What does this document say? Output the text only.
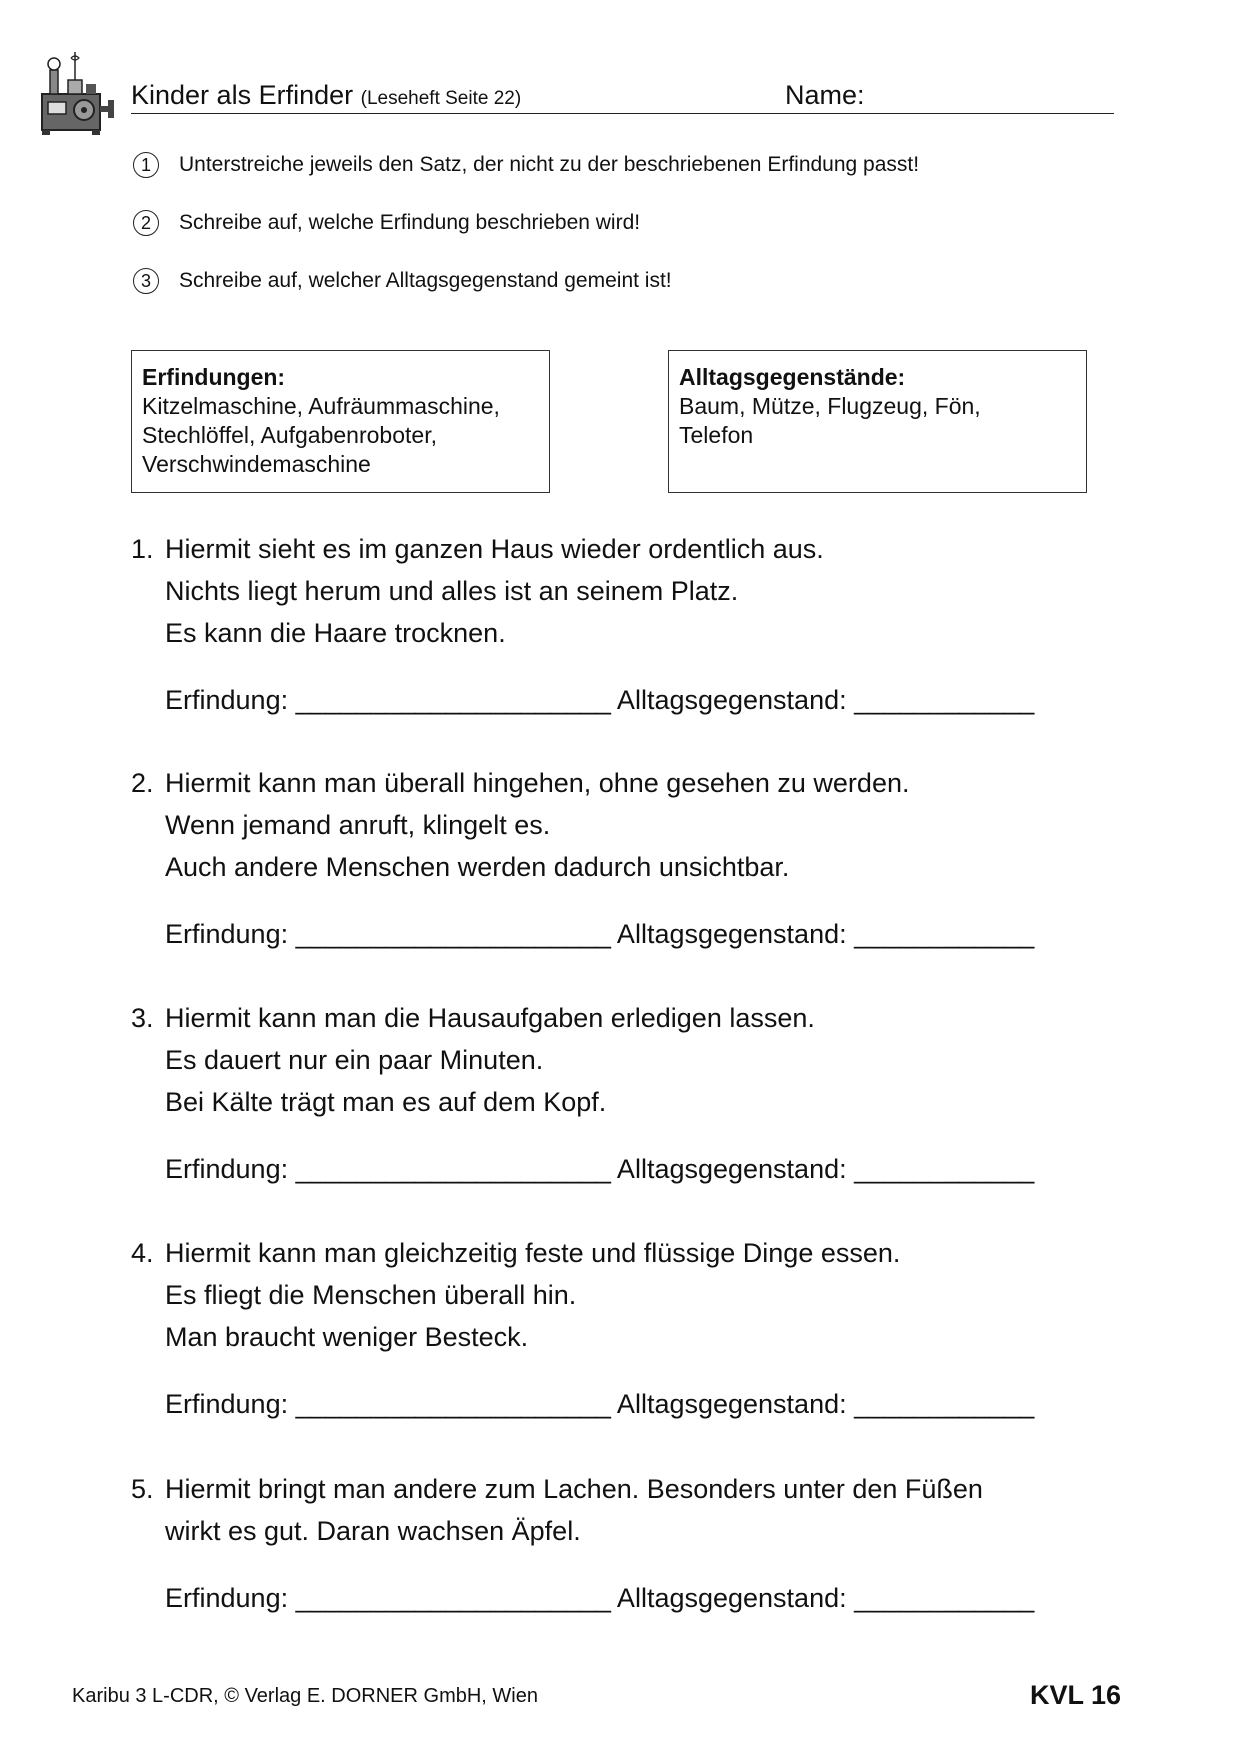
Kinder als Erfinder (Leseheft Seite 22)	Name:
1	Unterstreiche jeweils den Satz, der nicht zu der beschriebenen Erfindung passt!
2	Schreibe auf, welche Erfindung beschrieben wird!
3	Schreibe auf, welcher Alltagsgegenstand gemeint ist!
Erfindungen:
Kitzelmaschine, Aufräummaschine,
Stechlöffel, Aufgabenroboter,
Verschwindemaschine
Alltagsgegenstände:
Baum, Mütze, Flugzeug, Fön,
Telefon
1. Hiermit sieht es im ganzen Haus wieder ordentlich aus.
Nichts liegt herum und alles ist an seinem Platz.
Es kann die Haare trocknen.
Erfindung: _____________________ Alltagsgegenstand: ____________
2. Hiermit kann man überall hingehen, ohne gesehen zu werden.
Wenn jemand anruft, klingelt es.
Auch andere Menschen werden dadurch unsichtbar.
Erfindung: _____________________ Alltagsgegenstand: ____________
3. Hiermit kann man die Hausaufgaben erledigen lassen.
Es dauert nur ein paar Minuten.
Bei Kälte trägt man es auf dem Kopf.
Erfindung: _____________________ Alltagsgegenstand: ____________
4. Hiermit kann man gleichzeitig feste und flüssige Dinge essen.
Es fliegt die Menschen überall hin.
Man braucht weniger Besteck.
Erfindung: _____________________ Alltagsgegenstand: ____________
5. Hiermit bringt man andere zum Lachen. Besonders unter den Füßen
wirkt es gut. Daran wachsen Äpfel.
Erfindung: _____________________ Alltagsgegenstand: ____________
Karibu 3 L-CDR, © Verlag E. DORNER GmbH, Wien	KVL 16
